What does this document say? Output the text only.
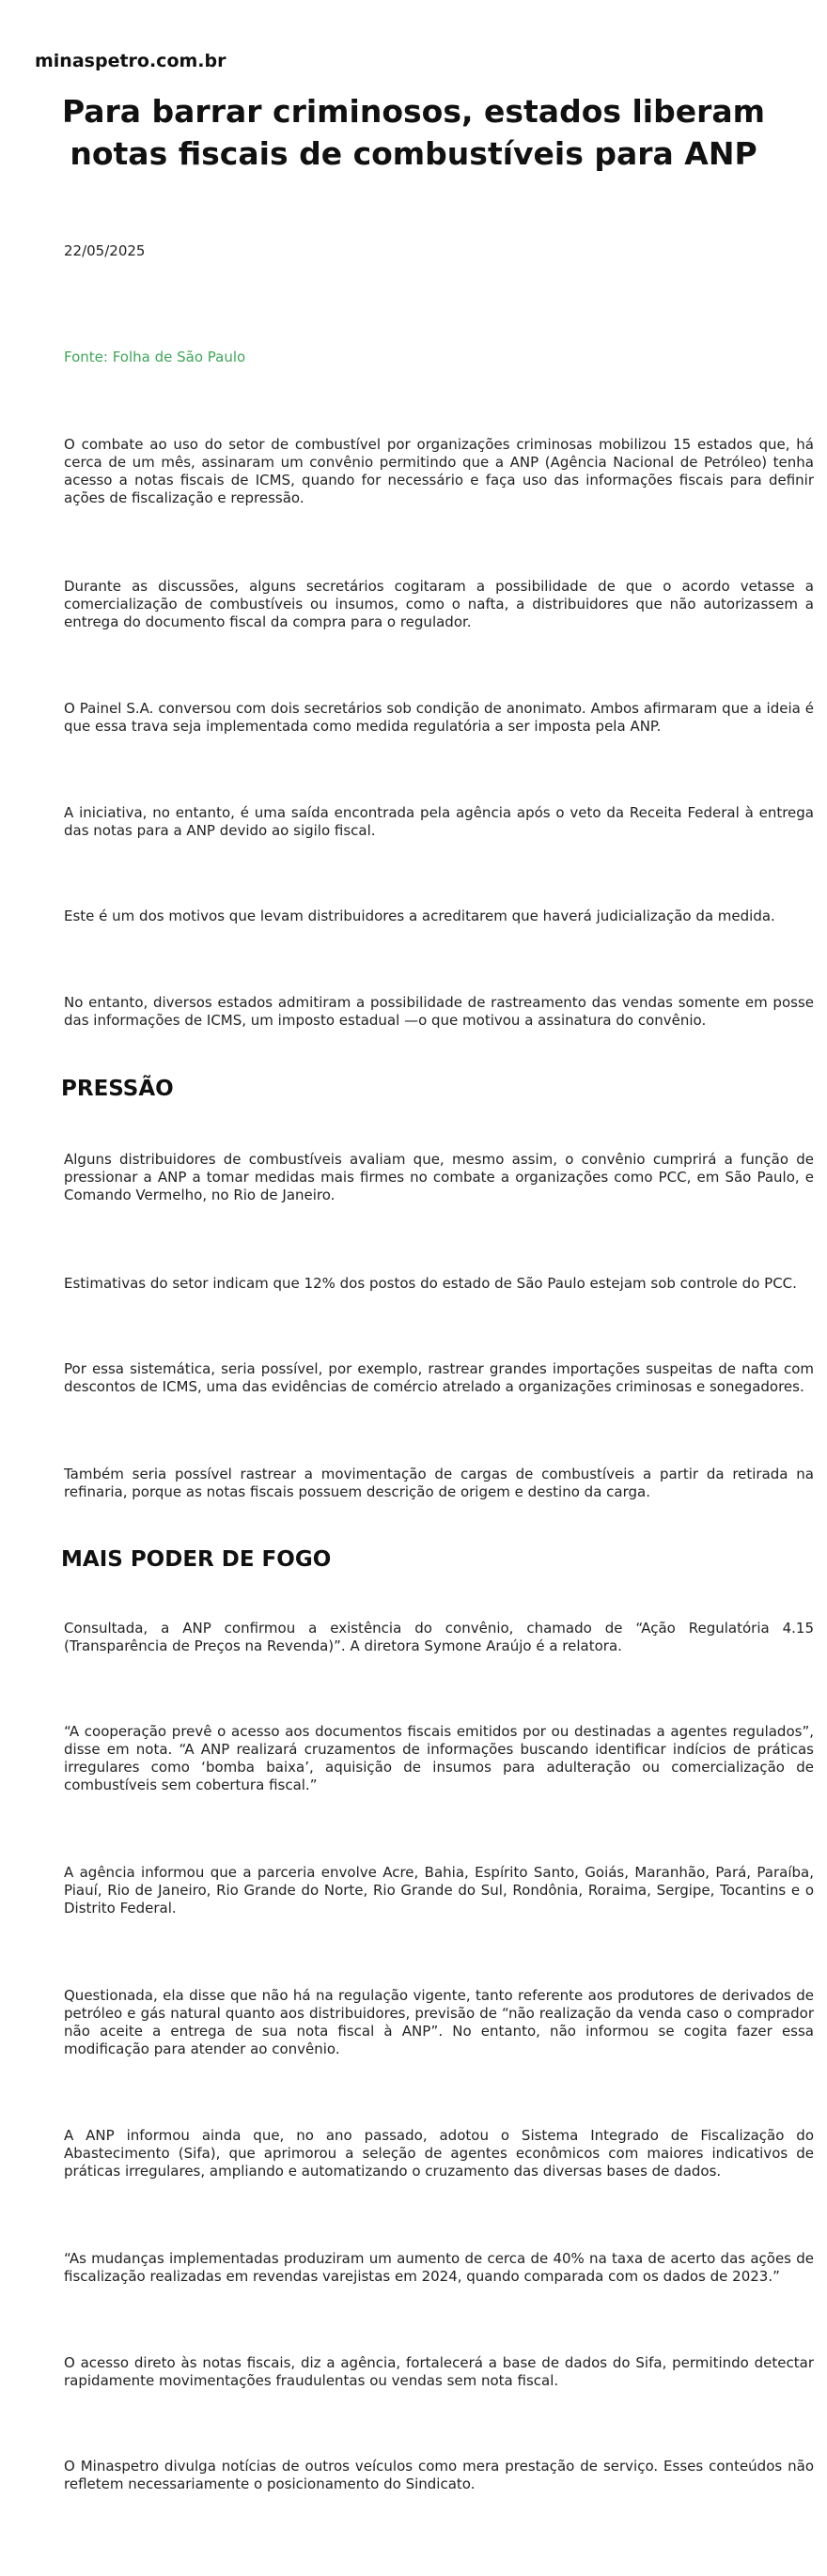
minaspetro.com.br
Para barrar criminosos, estados liberam notas fiscais de combustíveis para ANP
22/05/2025
Fonte: Folha de São Paulo

O combate ao uso do setor de combustível por organizações criminosas mobilizou 15 estados que, há cerca de um mês, assinaram um convênio permitindo que a ANP (Agência Nacional de Petróleo) tenha acesso a notas fiscais de ICMS, quando for necessário e faça uso das informações fiscais para definir ações de fiscalização e repressão.

Durante as discussões, alguns secretários cogitaram a possibilidade de que o acordo vetasse a comercialização de combustíveis ou insumos, como o nafta, a distribuidores que não autorizassem a entrega do documento fiscal da compra para o regulador.

O Painel S.A. conversou com dois secretários sob condição de anonimato. Ambos afirmaram que a ideia é que essa trava seja implementada como medida regulatória a ser imposta pela ANP.

A iniciativa, no entanto, é uma saída encontrada pela agência após o veto da Receita Federal à entrega das notas para a ANP devido ao sigilo fiscal.

Este é um dos motivos que levam distribuidores a acreditarem que haverá judicialização da medida.

No entanto, diversos estados admitiram a possibilidade de rastreamento das vendas somente em posse das informações de ICMS, um imposto estadual —o que motivou a assinatura do convênio.

PRESSÃO

Alguns distribuidores de combustíveis avaliam que, mesmo assim, o convênio cumprirá a função de pressionar a ANP a tomar medidas mais firmes no combate a organizações como PCC, em São Paulo, e Comando Vermelho, no Rio de Janeiro.

Estimativas do setor indicam que 12% dos postos do estado de São Paulo estejam sob controle do PCC.

Por essa sistemática, seria possível, por exemplo, rastrear grandes importações suspeitas de nafta com descontos de ICMS, uma das evidências de comércio atrelado a organizações criminosas e sonegadores.

Também seria possível rastrear a movimentação de cargas de combustíveis a partir da retirada na refinaria, porque as notas fiscais possuem descrição de origem e destino da carga.

MAIS PODER DE FOGO

Consultada, a ANP confirmou a existência do convênio, chamado de “Ação Regulatória 4.15 (Transparência de Preços na Revenda)”. A diretora Symone Araújo é a relatora.

“A cooperação prevê o acesso aos documentos fiscais emitidos por ou destinadas a agentes regulados”, disse em nota. “A ANP realizará cruzamentos de informações buscando identificar indícios de práticas irregulares como ‘bomba baixa’, aquisição de insumos para adulteração ou comercialização de combustíveis sem cobertura fiscal.”

A agência informou que a parceria envolve Acre, Bahia, Espírito Santo, Goiás, Maranhão, Pará, Paraíba, Piauí, Rio de Janeiro, Rio Grande do Norte, Rio Grande do Sul, Rondônia, Roraima, Sergipe, Tocantins e o Distrito Federal.

Questionada, ela disse que não há na regulação vigente, tanto referente aos produtores de derivados de petróleo e gás natural quanto aos distribuidores, previsão de “não realização da venda caso o comprador não aceite a entrega de sua nota fiscal à ANP”. No entanto, não informou se cogita fazer essa modificação para atender ao convênio.

A ANP informou ainda que, no ano passado, adotou o Sistema Integrado de Fiscalização do Abastecimento (Sifa), que aprimorou a seleção de agentes econômicos com maiores indicativos de práticas irregulares, ampliando e automatizando o cruzamento das diversas bases de dados.

“As mudanças implementadas produziram um aumento de cerca de 40% na taxa de acerto das ações de fiscalização realizadas em revendas varejistas em 2024, quando comparada com os dados de 2023.”

O acesso direto às notas fiscais, diz a agência, fortalecerá a base de dados do Sifa, permitindo detectar rapidamente movimentações fraudulentas ou vendas sem nota fiscal.

O Minaspetro divulga notícias de outros veículos como mera prestação de serviço. Esses conteúdos não refletem necessariamente o posicionamento do Sindicato.
